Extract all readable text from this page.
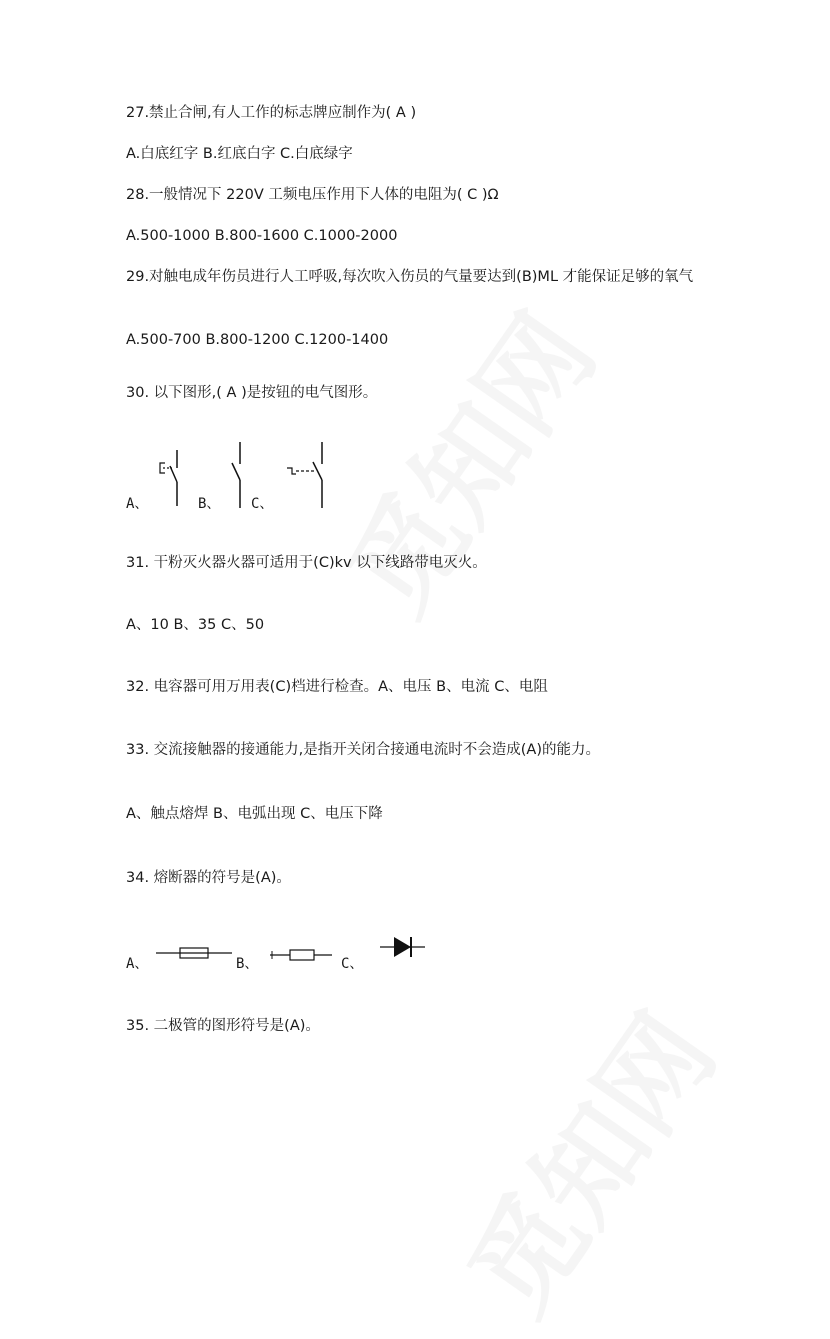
27.禁止合闸,有人工作的标志牌应制作为( A )
A.白底红字 B.红底白字 C.白底绿字
28.一般情况下 220V 工频电压作用下人体的电阻为( C )Ω
A.500-1000 B.800-1600 C.1000-2000
29.对触电成年伤员进行人工呼吸,每次吹入伤员的气量要达到(B)ML 才能保证足够的氧气
A.500-700 B.800-1200 C.1200-1400
30. 以下图形,( A )是按钮的电气图形。
A、	B、 C、
31. 干粉灭火器火器可适用于(C)kv 以下线路带电灭火。
A、10 B、35 C、50
32. 电容器可用万用表(C)档进行检查。A、电压 B、电流 C、电阻
33. 交流接触器的接通能力,是指开关闭合接通电流时不会造成(A)的能力。
A、触点熔焊 B、电弧出现 C、电压下降
34. 熔断器的符号是(A)。
A、	B、	C、
35. 二极管的图形符号是(A)。
